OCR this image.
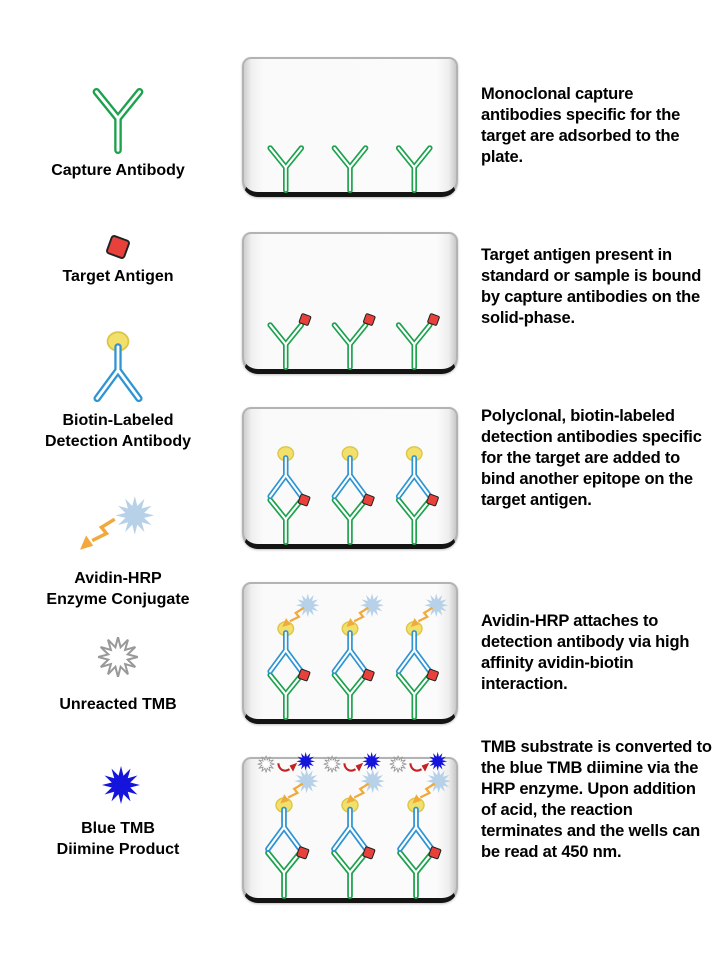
Capture Antibody
Target Antigen
Biotin-Labeled
Detection Antibody
Avidin-HRP
Enzyme Conjugate
Unreacted TMB
Blue TMB
Diimine Product
Monoclonal capture antibodies specific for the target are adsorbed to the plate.
Target antigen present in standard or sample is bound by capture antibodies on the solid-phase.
Polyclonal, biotin-labeled detection antibodies specific for the target are added to bind another epitope on the target antigen.
Avidin-HRP attaches to detection antibody via high affinity avidin-biotin interaction.
TMB substrate is converted to the blue TMB diimine via the HRP enzyme. Upon addition of acid, the reaction terminates and the wells can be read at 450 nm.
